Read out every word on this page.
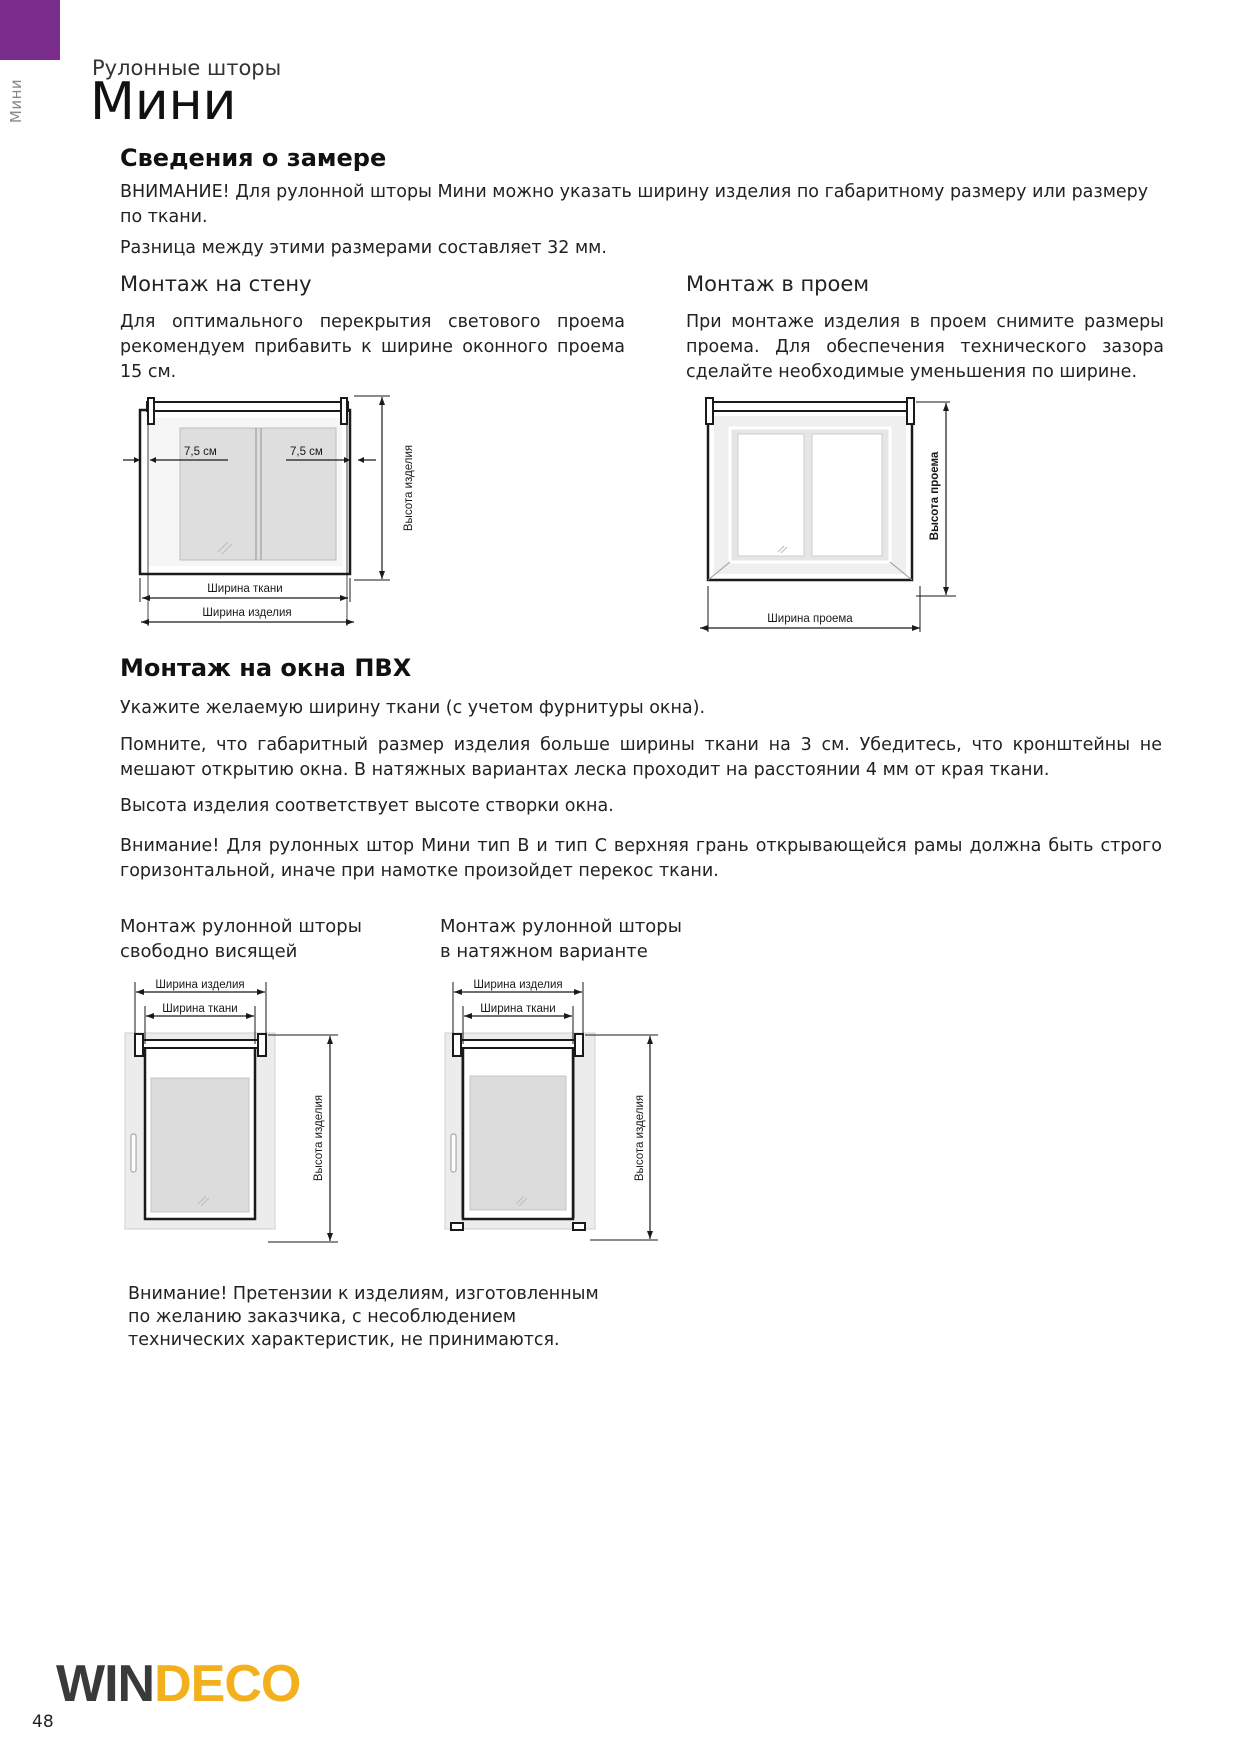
Мини
Рулонные шторы
Мини
Сведения о замере
ВНИМАНИЕ! Для рулонной шторы Мини можно указать ширину изделия по габаритному размеру или размеру по ткани.
Разница между этими размерами составляет 32 мм.
Монтаж на стену
Для оптимального перекрытия светового проема рекомендуем прибавить к ширине оконного проема 15 см.
Монтаж в проем
При монтаже изделия в проем снимите размеры проема. Для обеспечения технического зазора сделайте необходимые уменьшения по ширине.
7,5 см	7,5 см	Высота изделия
Ширина ткани
Ширина изделия
Высота проема
Ширина проема
Монтаж на окна ПВХ
Укажите желаемую ширину ткани (с учетом фурнитуры окна).
Помните, что габаритный размер изделия больше ширины ткани на 3 см. Убедитесь, что кронштейны не мешают открытию окна. В натяжных вариантах леска проходит на расстоянии 4 мм от края ткани.
Высота изделия соответствует высоте створки окна.
Внимание! Для рулонных штор Мини тип В и тип С верхняя грань открывающейся рамы должна быть строго горизонтальной, иначе при намотке произойдет перекос ткани.
Монтаж рулонной шторы
свободно висящей
Монтаж рулонной шторы
в натяжном варианте
Ширина изделия
Ширина ткани
Высота изделия
Ширина изделия
Ширина ткани
Высота изделия
Внимание! Претензии к изделиям, изготовленным по желанию заказчика, с несоблюдением технических характеристик, не принимаются.
WINDECO
48
